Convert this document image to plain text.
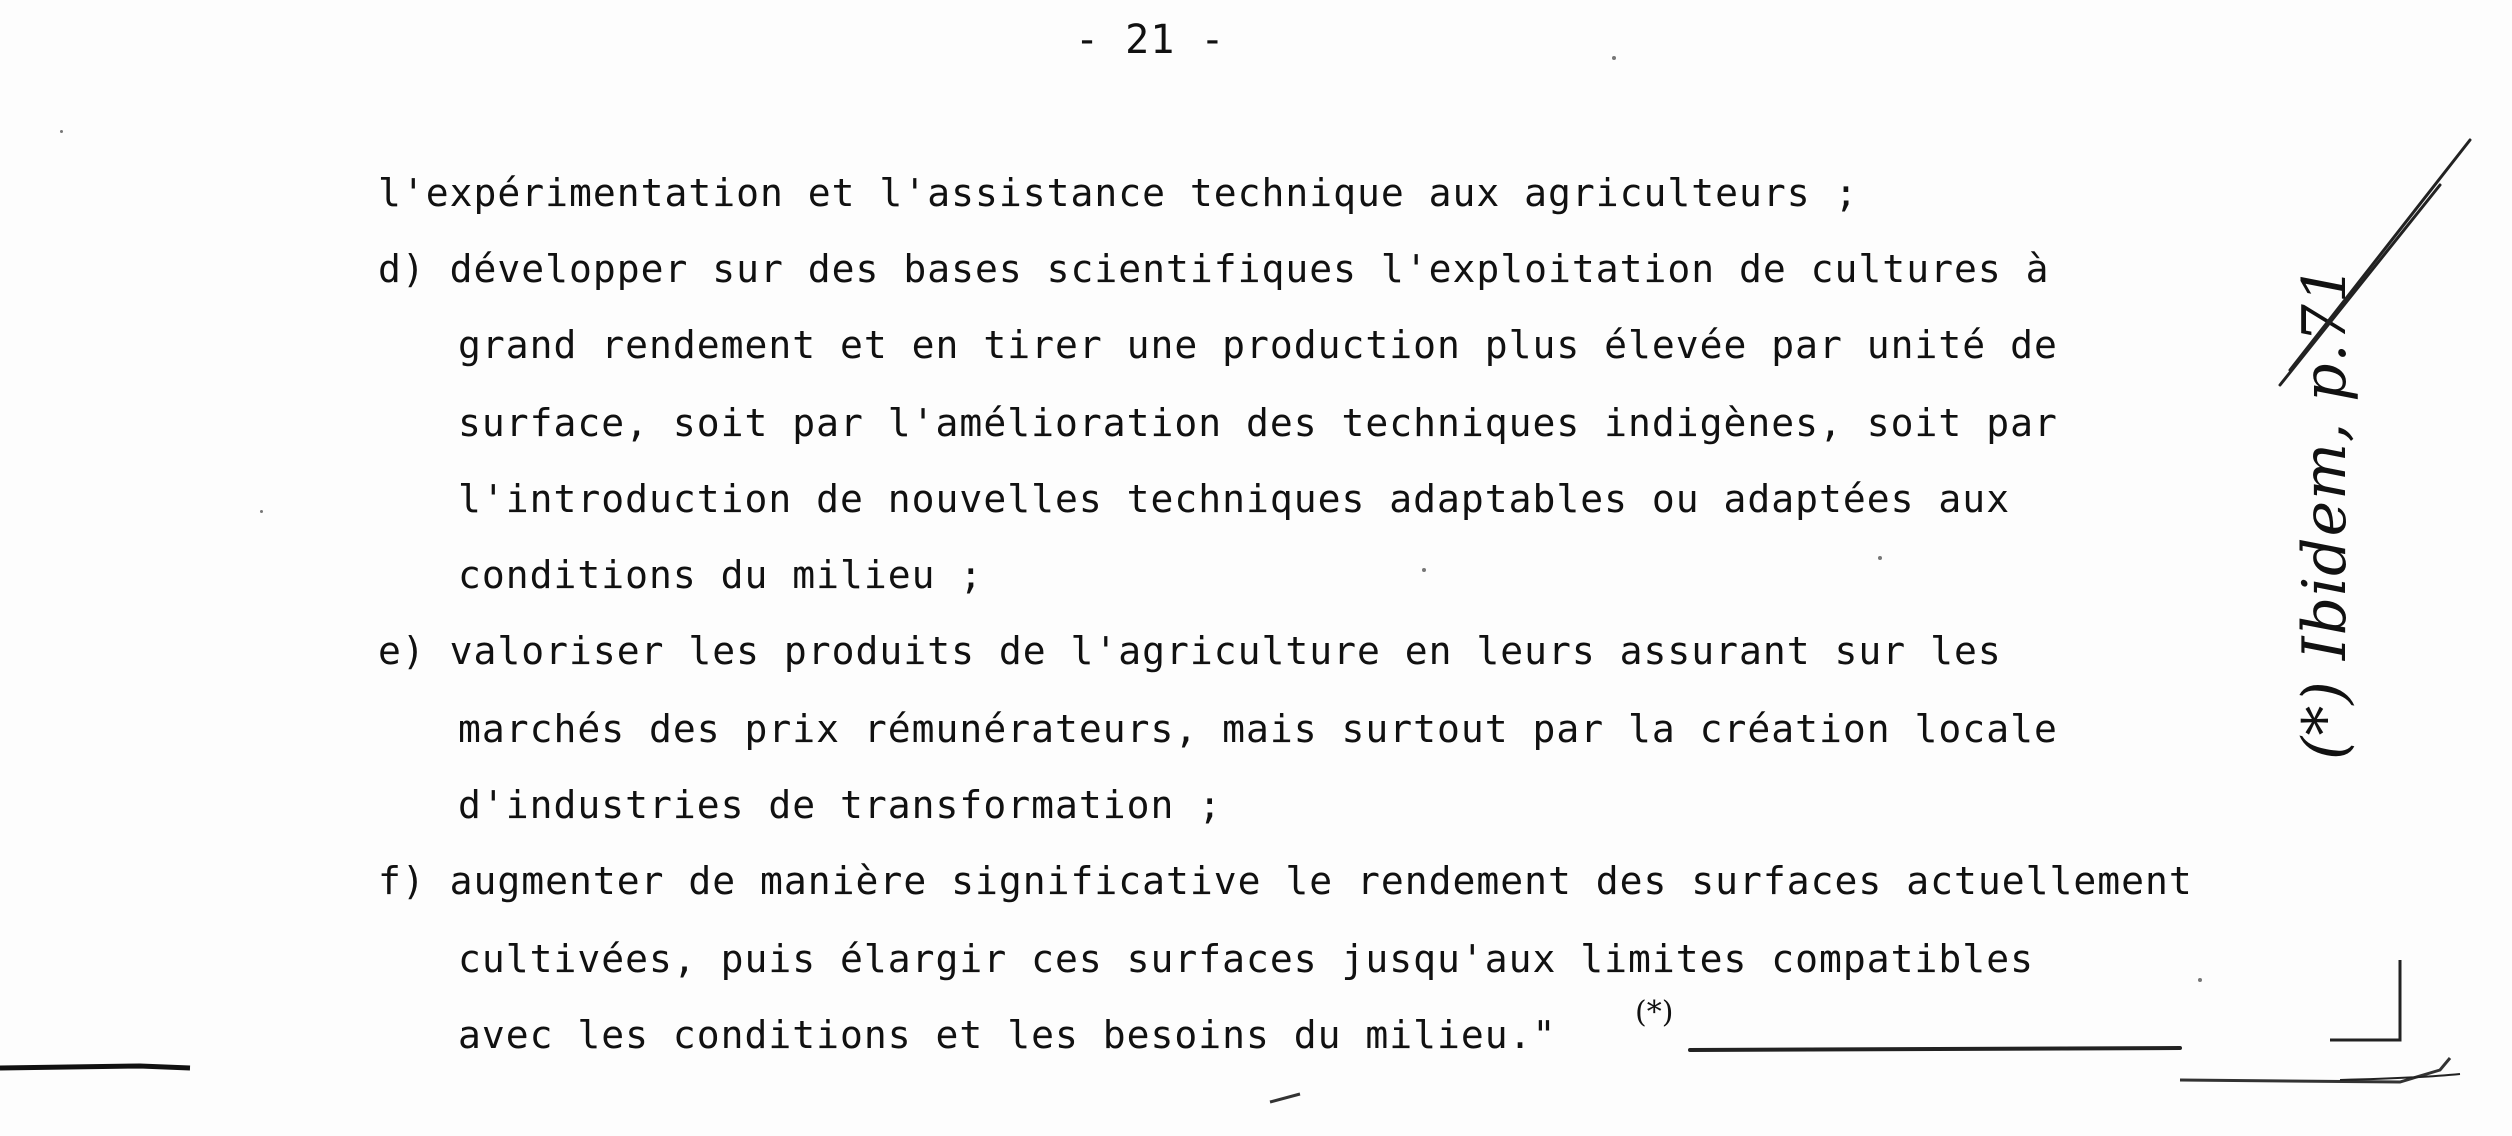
- 21 -
l'expérimentation et l'assistance technique aux agriculteurs ;
d) développer sur des bases scientifiques l'exploitation de cultures à
grand rendement et en tirer une production plus élevée par unité de
surface, soit par l'amélioration des techniques indigènes, soit par
l'introduction de nouvelles techniques adaptables ou adaptées aux
conditions du milieu ;
e) valoriser les produits de l'agriculture en leurs assurant sur les
marchés des prix rémunérateurs, mais surtout par la création locale
d'industries de transformation ;
f) augmenter de manière significative le rendement des surfaces actuellement
cultivées, puis élargir ces surfaces jusqu'aux limites compatibles
avec les conditions et les besoins du milieu."
(*)
(*) Ibidem, p.71
